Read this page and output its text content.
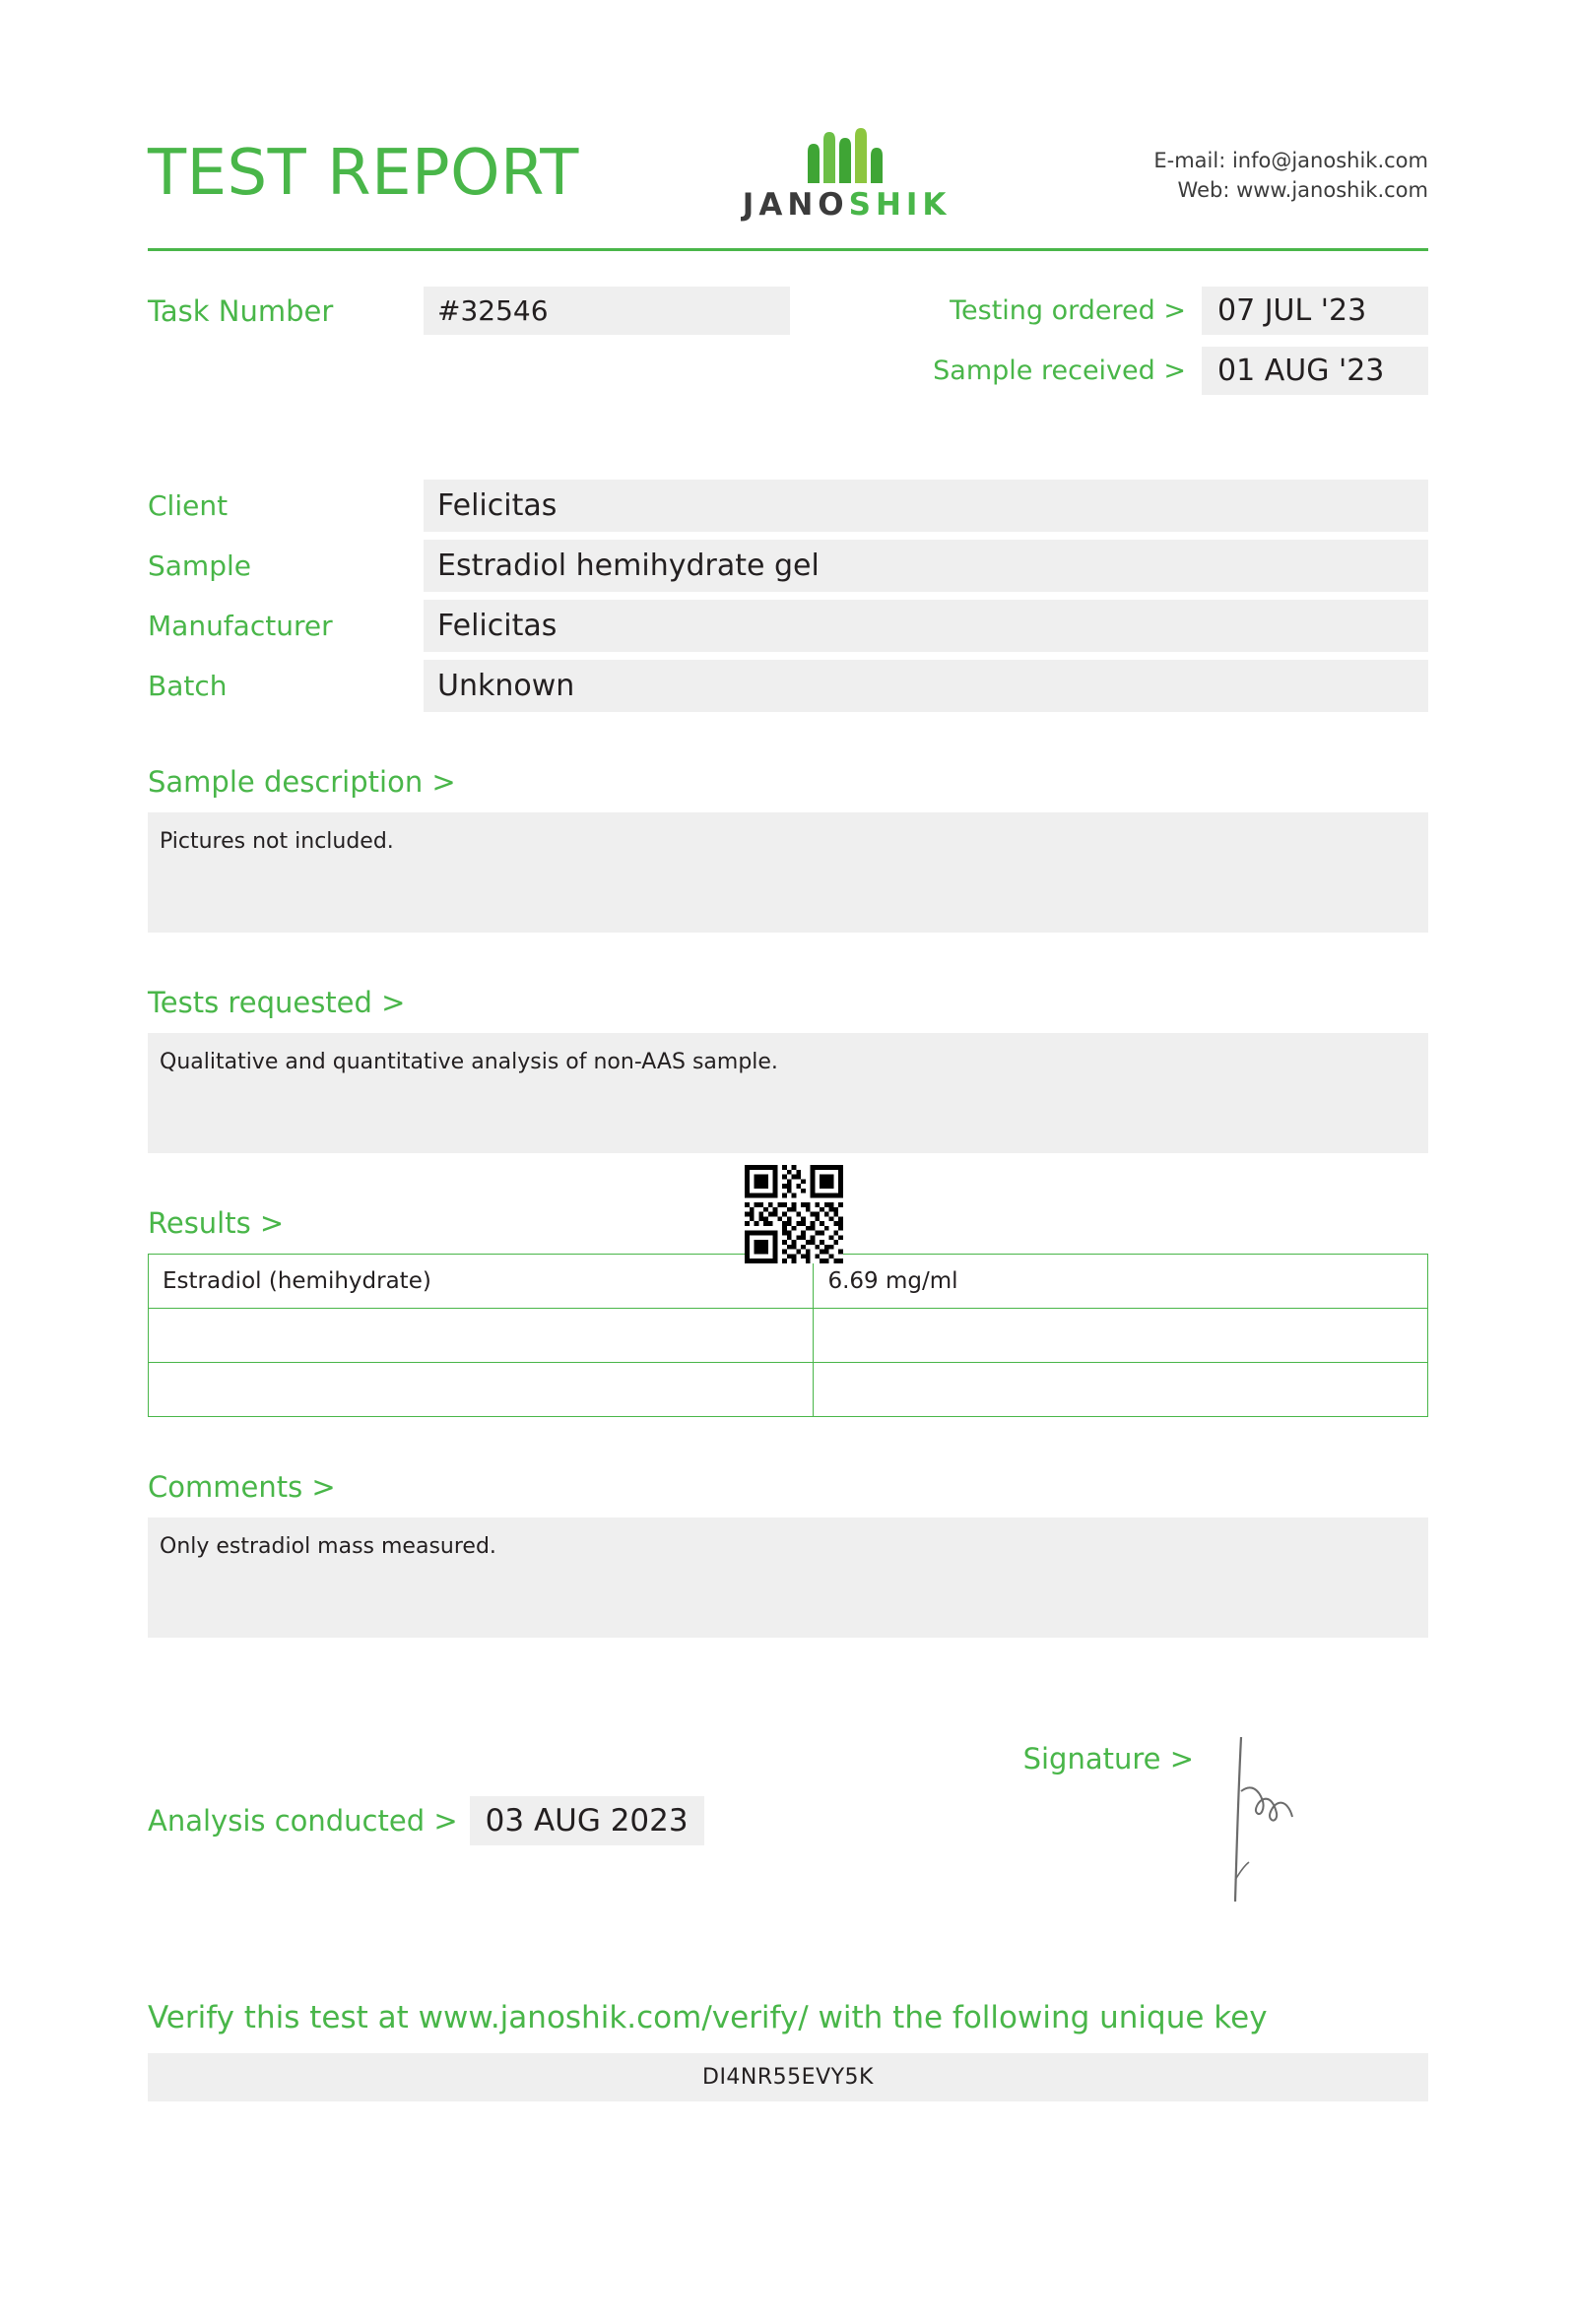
TEST REPORT	JANOSHIK
E-mail: info@janoshik.com
Web: www.janoshik.com
Task Number	#32546	Testing ordered >	07 JUL '23
Sample received >	01 AUG '23
Client	Felicitas
Sample	Estradiol hemihydrate gel
Manufacturer	Felicitas
Batch	Unknown
Sample description >
Pictures not included.
Tests requested >
Qualitative and quantitative analysis of non-AAS sample.
Results >
Estradiol (hemihydrate)	6.69 mg/ml

Comments >
Only estradiol mass measured.
Analysis conducted > 03 AUG 2023
Signature >
Verify this test at www.janoshik.com/verify/ with the following unique key
DI4NR55EVY5K
